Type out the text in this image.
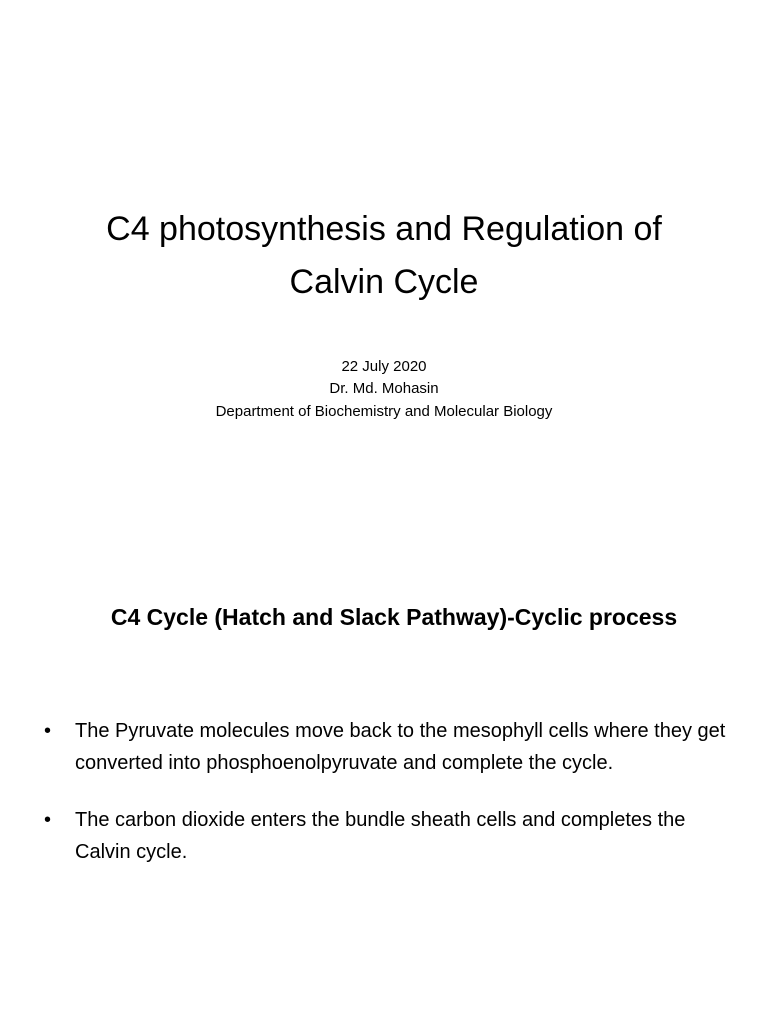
C4 photosynthesis and Regulation of
Calvin Cycle
22 July 2020
Dr. Md. Mohasin
Department of Biochemistry and Molecular Biology
C4 Cycle (Hatch and Slack Pathway)-Cyclic process
• The Pyruvate molecules move back to the mesophyll cells where they get converted into phosphoenolpyruvate and complete the cycle.
• The carbon dioxide enters the bundle sheath cells and completes the Calvin cycle.
